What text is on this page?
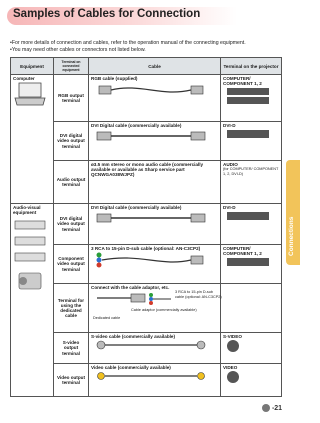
Samples of Cables for Connection
Connections
•For more details of connection and cables, refer to the operation manual of the connecting equipment.
•You may need other cables or connectors not listed below.
Equipment	Terminal on connected equipment	Cable	Terminal on the projector

Computer	RGB output terminal	RGB cable (supplied)	COMPUTER/ COMPONENT 1, 2

	DVI digital video output terminal	DVI Digital cable (commercially available)	DVI-D

	Audio output terminal	ø3.5 mm stereo or mono audio cable (commercially available or available as Sharp service part QCNWGA038WJPZ)	AUDIO
(for COMPUTER/ COMPONENT 1, 2, DVI-D)

Audio-visual equipment	DVI digital video output terminal	DVI Digital cable (commercially available)	DVI-D

	Component video output terminal	3 RCA to 15-pin D-sub cable (optional: AN-C3CP2)	COMPUTER/ COMPONENT 1, 2

	Terminal for using the dedicated cable	Connect with the cable adaptor, etc.
3 RCA to 15-pin D-sub cable (optional: AN-C3CP2)
Cable adaptor (commercially available)
Dedicated cable	

	S-video output terminal	S-video cable (commercially available)	S-VIDEO

	Video output terminal	Video cable (commercially available)	VIDEO
-21
